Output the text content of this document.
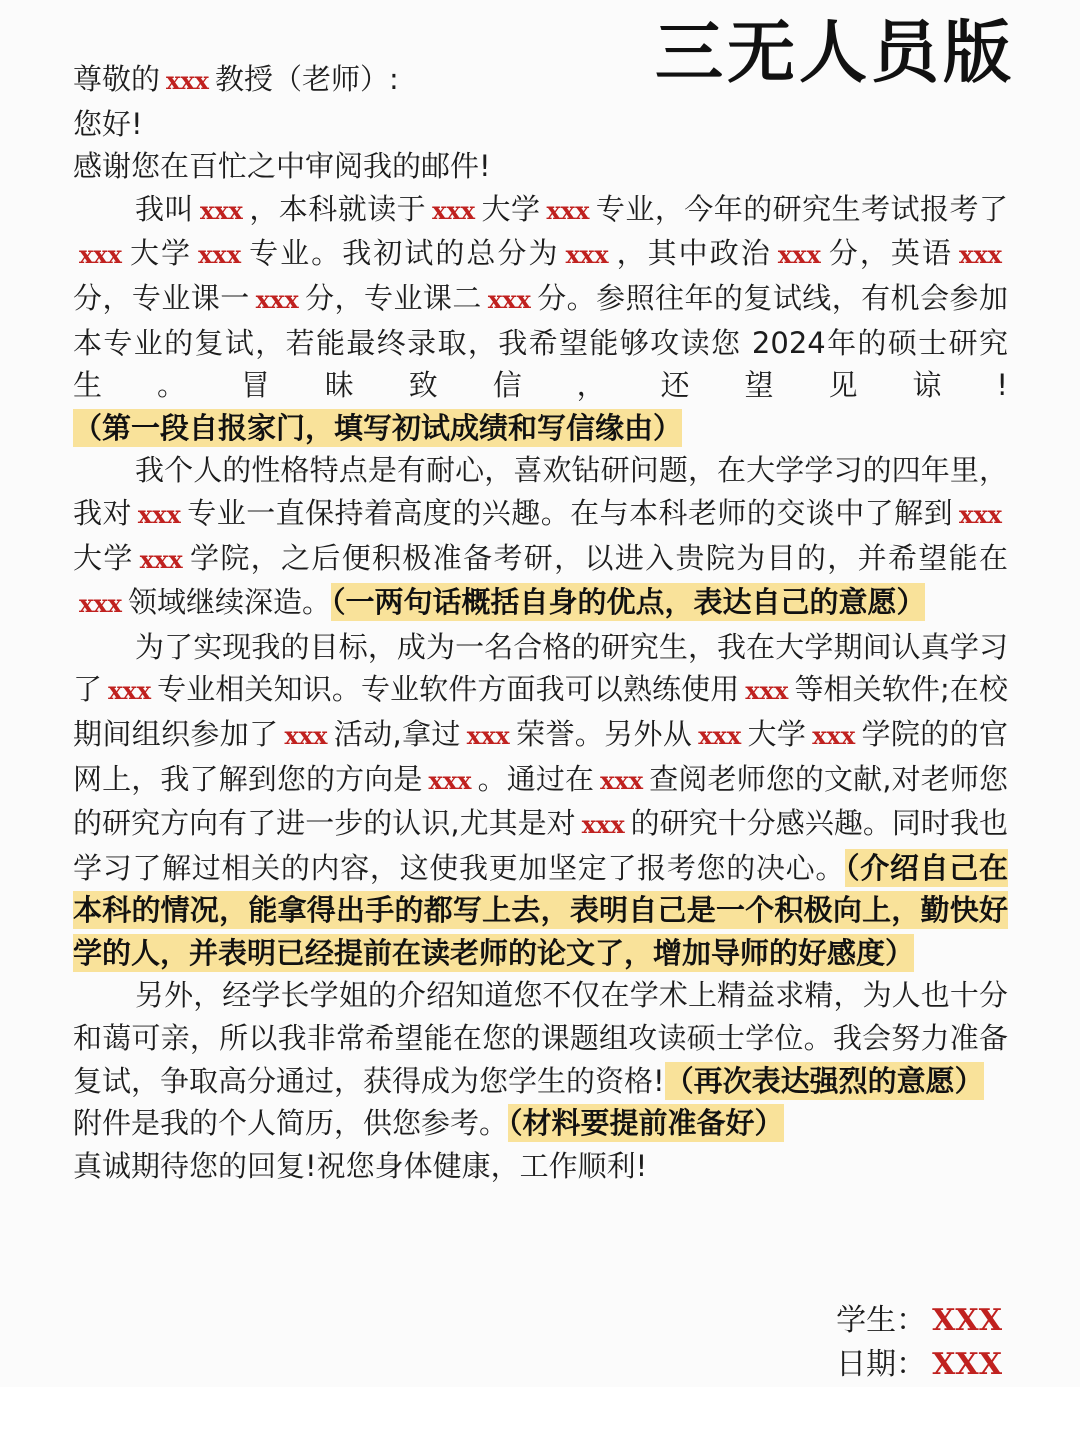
三无人员版

尊敬的 xxx 教授（老师）:

您好!

感谢您在百忙之中审阅我的邮件!

我叫 xxx ，本科就读于 xxx 大学 xxx 专业，今年的研究生考试报考了xxx 大学 xxx 专业。我初试的总分为 xxx ，其中政治 xxx 分，英语 xxx分，专业课一 xxx 分，专业课二 xxx 分。参照往年的复试线，有机会参加本专业的复试，若能最终录取，我希望能够攻读您 2024年的硕士研究生。冒昧致信，还望见谅!（第一段自报家门，填写初试成绩和写信缘由）

我个人的性格特点是有耐心，喜欢钻研问题，在大学学习的四年里，我对 xxx 专业一直保持着高度的兴趣。在与本科老师的交谈中了解到 xxx大学 xxx 学院，之后便积极准备考研，以进入贵院为目的，并希望能在xxx 领域继续深造。（一两句话概括自身的优点，表达自己的意愿）

为了实现我的目标，成为一名合格的研究生，我在大学期间认真学习了 xxx 专业相关知识。专业软件方面我可以熟练使用 xxx 等相关软件;在校期间组织参加了 xxx 活动,拿过 xxx 荣誉。另外从 xxx 大学 xxx 学院的的官网上，我了解到您的方向是 xxx 。通过在 xxx 查阅老师您的文献,对老师您的研究方向有了进一步的认识,尤其是对 xxx 的研究十分感兴趣。同时我也学习了解过相关的内容，这使我更加坚定了报考您的决心。（介绍自己在本科的情况，能拿得出手的都写上去，表明自己是一个积极向上，勤快好学的人，并表明已经提前在读老师的论文了，增加导师的好感度）

另外，经学长学姐的介绍知道您不仅在学术上精益求精，为人也十分和蔼可亲，所以我非常希望能在您的课题组攻读硕士学位。我会努力准备复试，争取高分通过，获得成为您学生的资格!（再次表达强烈的意愿）

附件是我的个人简历，供您参考。（材料要提前准备好）

真诚期待您的回复!祝您身体健康，工作顺利!

学生： XXX
日期： XXX
